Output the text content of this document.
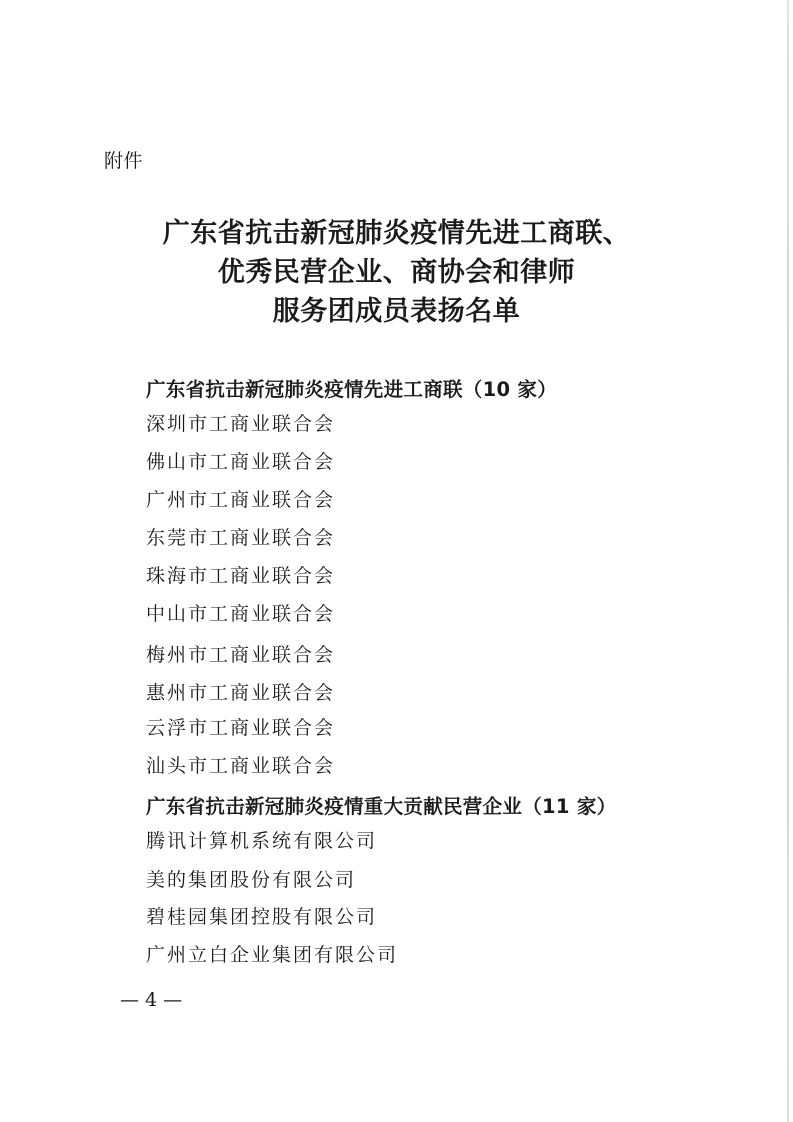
附件

广东省抗击新冠肺炎疫情先进工商联、
优秀民营企业、商协会和律师
服务团成员表扬名单
广东省抗击新冠肺炎疫情先进工商联（10 家）

深圳市工商业联合会

佛山市工商业联合会

广州市工商业联合会

东莞市工商业联合会

珠海市工商业联合会

中山市工商业联合会

梅州市工商业联合会

惠州市工商业联合会

云浮市工商业联合会

汕头市工商业联合会

广东省抗击新冠肺炎疫情重大贡献民营企业（11 家）

腾讯计算机系统有限公司

美的集团股份有限公司

碧桂园集团控股有限公司

广州立白企业集团有限公司

— 4 —
